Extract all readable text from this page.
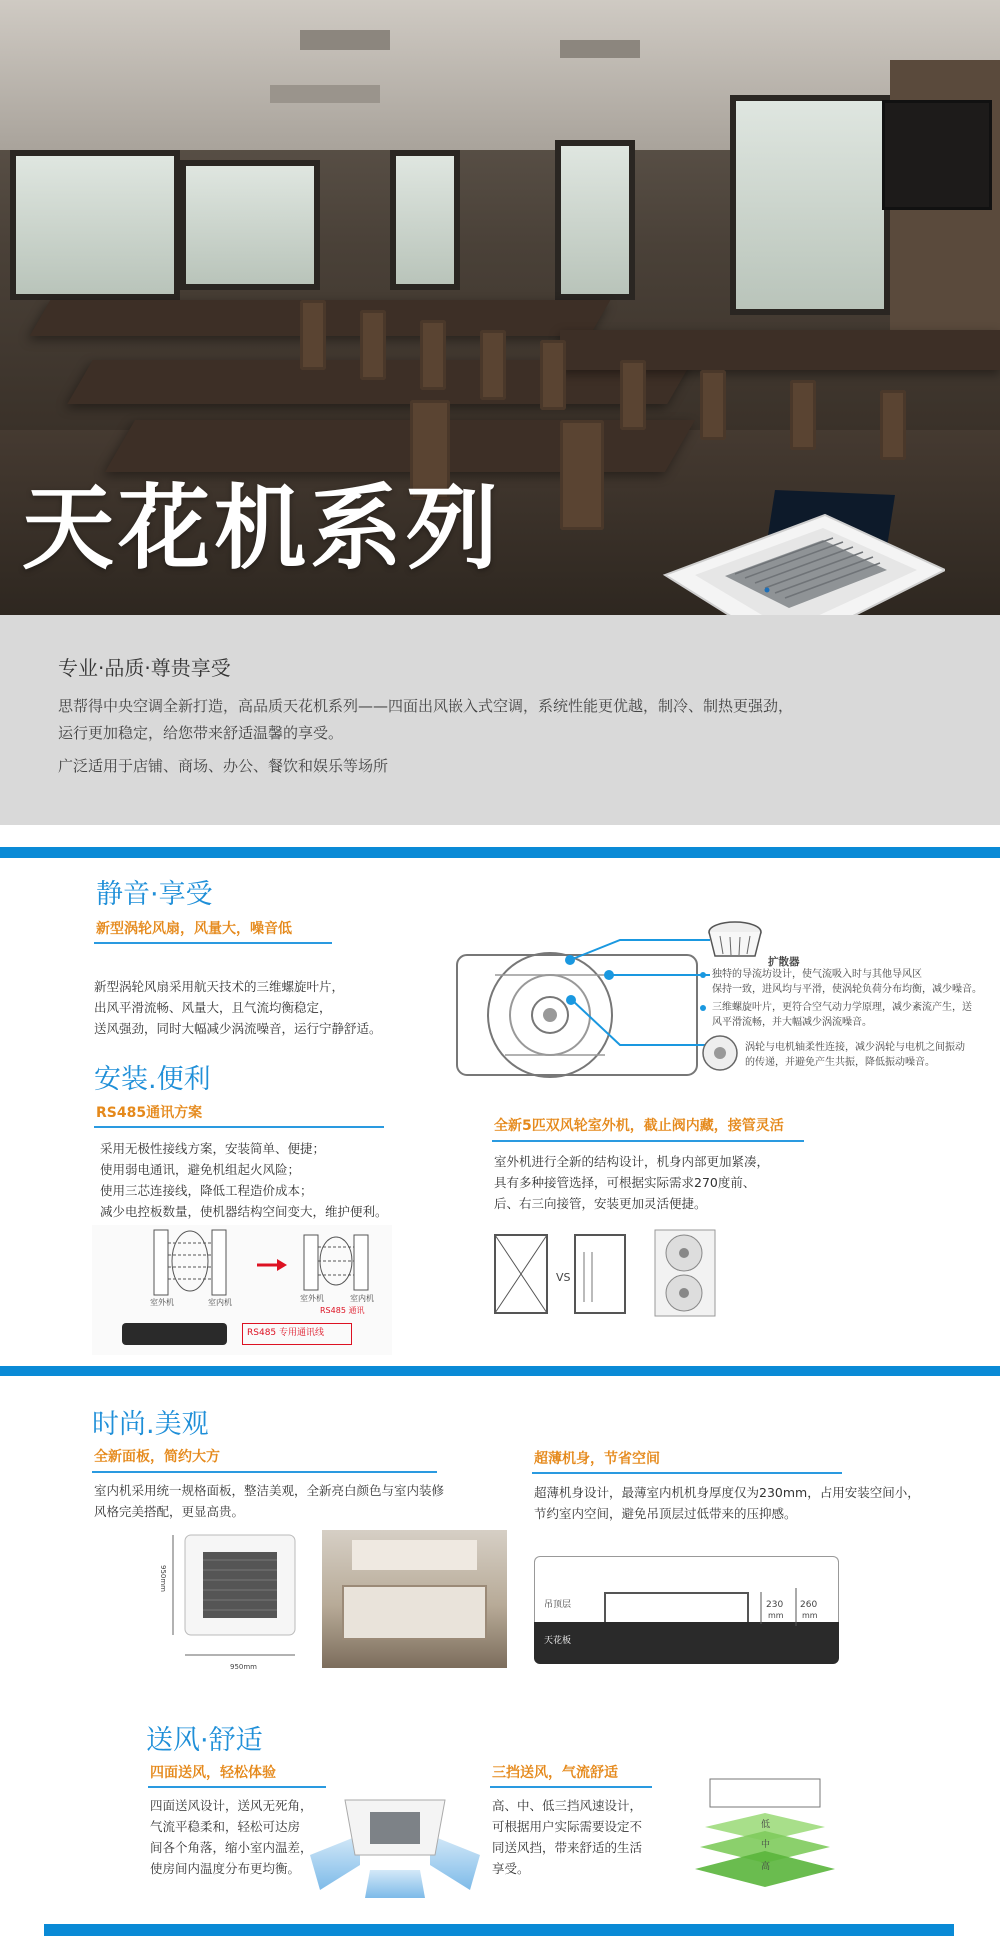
天花机系列
专业·品质·尊贵享受
思帮得中央空调全新打造，高品质天花机系列——四面出风嵌入式空调，系统性能更优越，制冷、制热更强劲，
运行更加稳定，给您带来舒适温馨的享受。
广泛适用于店铺、商场、办公、餐饮和娱乐等场所
静音·享受
新型涡轮风扇，风量大，噪音低
新型涡轮风扇采用航天技术的三维螺旋叶片，
出风平滑流畅、风量大，且气流均衡稳定，
送风强劲，同时大幅减少涡流噪音，运行宁静舒适。
扩散器
独特的导流坊设计，使气流吸入时与其他导风区
保持一致，进风均与平滑，使涡轮负荷分布均衡，减少噪音。
三维螺旋叶片，更符合空气动力学原理，减少紊流产生，送
风平滑流畅，并大幅减少涡流噪音。
涡轮与电机轴柔性连接，减少涡轮与电机之间振动
的传递，并避免产生共振，降低振动噪音。
安装.便利
RS485通讯方案
采用无极性接线方案，安装简单、便捷；
使用弱电通讯，避免机组起火风险；
使用三芯连接线，降低工程造价成本；
减少电控板数量，使机器结构空间变大，维护便利。
室外机	室内机	室外机	室内机
RS485 通讯
RS485 专用通讯线
全新5匹双风轮室外机，截止阀内藏，接管灵活
室外机进行全新的结构设计，机身内部更加紧凑，
具有多种接管选择，可根据实际需求270度前、
后、右三向接管，安装更加灵活便捷。
VS
时尚.美观
全新面板，简约大方
室内机采用统一规格面板，整洁美观，全新亮白颜色与室内装修
风格完美搭配，更显高贵。
950mm
950mm
超薄机身，节省空间
超薄机身设计，最薄室内机机身厚度仅为230mm，占用安装空间小，
节约室内空间，避免吊顶层过低带来的压抑感。
吊顶层
天花板
230
mm
260
mm
送风·舒适
四面送风，轻松体验
四面送风设计，送风无死角，
气流平稳柔和，轻松可达房
间各个角落，缩小室内温差，
使房间内温度分布更均衡。
三挡送风，气流舒适
高、中、低三挡风速设计，
可根据用户实际需要设定不
同送风挡，带来舒适的生活
享受。
低
中
高
